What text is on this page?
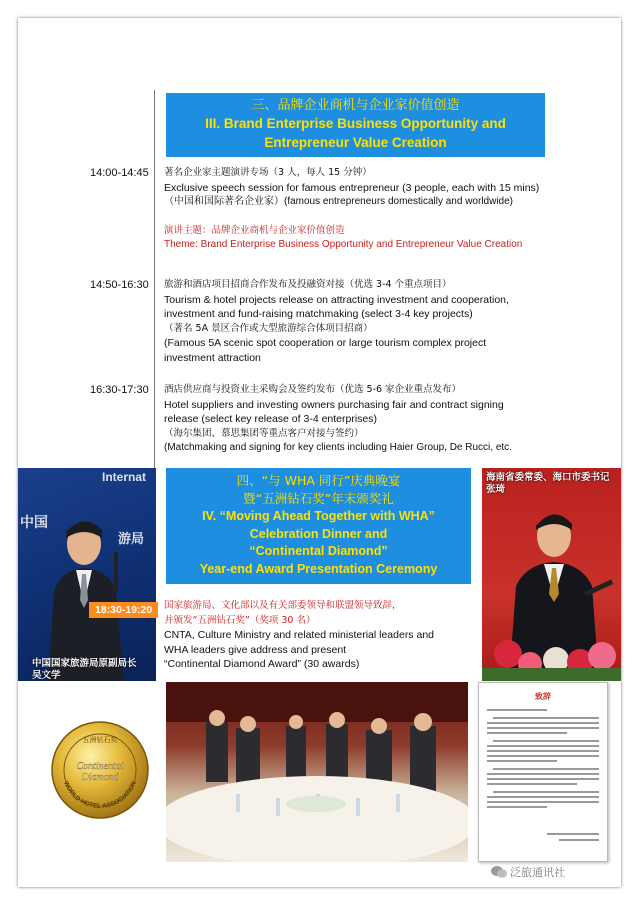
三、品牌企业商机与企业家价值创造
III. Brand Enterprise Business Opportunity and
Entrepreneur Value Creation
14:00-14:45 著名企业家主题演讲专场（3 人，每人 15 分钟）
Exclusive speech session for famous entrepreneur (3 people, each with 15 mins)
（中国和国际著名企业家）(famous entrepreneurs domestically and worldwide)
演讲主题：品牌企业商机与企业家价值创造
Theme: Brand Enterprise Business Opportunity and Entrepreneur Value Creation
14:50-16:30 旅游和酒店项目招商合作发布及投融资对接（优选 3-4 个重点项目）
Tourism & hotel projects release on attracting investment and cooperation,
investment and fund-raising matchmaking (select 3-4 key projects)
（著名 5A 景区合作或大型旅游综合体项目招商）
(Famous 5A scenic spot cooperation or large tourism complex project
investment attraction
16:30-17:30 酒店供应商与投资业主采购会及签约发布（优选 5-6 家企业重点发布）
Hotel suppliers and investing owners purchasing fair and contract signing
release (select key release of 3-4 enterprises)
（海尔集团、慕思集团等重点客户对接与签约）
(Matchmaking and signing for key clients including Haier Group, De Rucci, etc.
Internat
中国
游局
中国国家旅游局原副局长
吴文学
四、“与 WHA 同行”庆典晚宴
暨“五洲钻石奖”年末颁奖礼
IV. “Moving Ahead Together with WHA”
Celebration Dinner and
“Continental Diamond”
Year-end Award Presentation Ceremony
18:30-19:20	国家旅游局、文化部以及有关部委领导和联盟领导致辞，
并颁发“五洲钻石奖”（奖项 30 名）
CNTA, Culture Ministry and related ministerial leaders and
WHA leaders give address and present
“Continental Diamond Award” (30 awards)
海南省委常委、海口市委书记
张琦
致辞
五洲钻石奖
Continental
Diamond
WORLD HOTEL ASSOCIATION
泛旅通讯社
